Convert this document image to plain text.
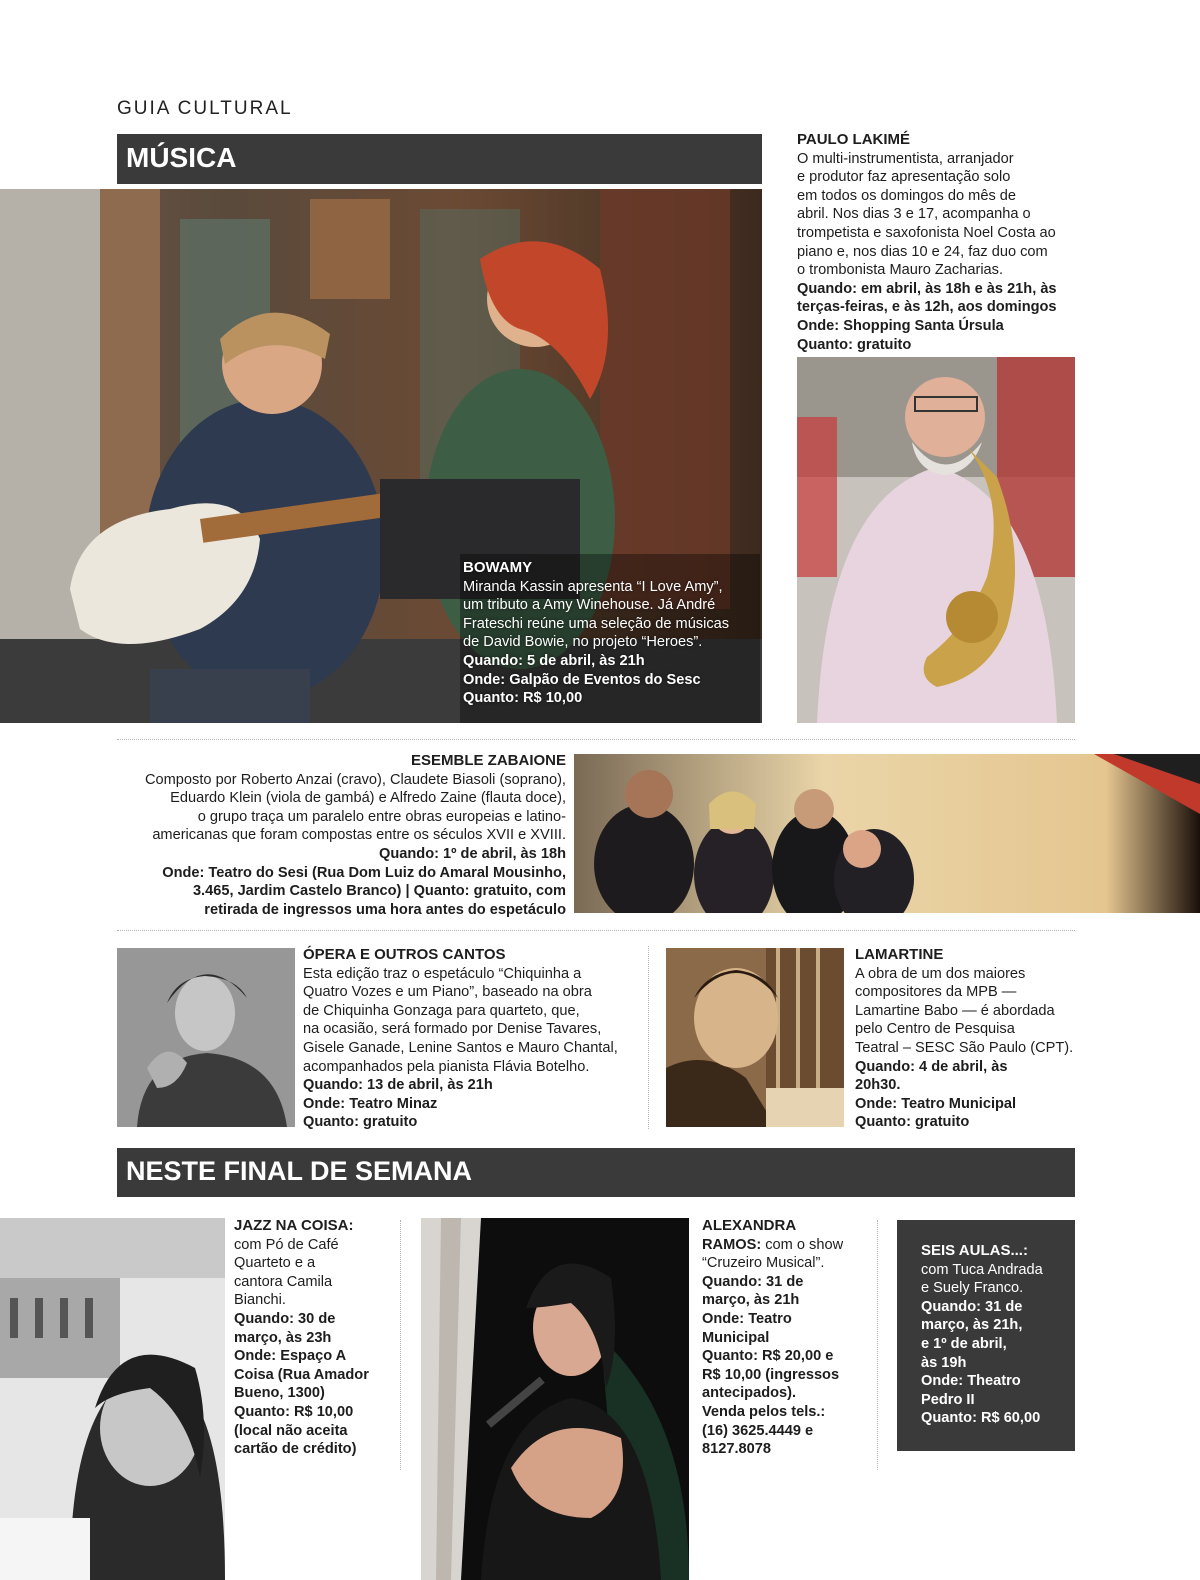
GUIA CULTURAL
MÚSICA
BOWAMY
Miranda Kassin apresenta “I Love Amy”,
um tributo a Amy Winehouse. Já André
Frateschi reúne uma seleção de músicas
de David Bowie, no projeto “Heroes”.
Quando: 5 de abril, às 21h
Onde: Galpão de Eventos do Sesc
Quanto: R$ 10,00
PAULO LAKIMÉ
O multi-instrumentista, arranjador
e produtor faz apresentação solo
em todos os domingos do mês de
abril. Nos dias 3 e 17, acompanha o
trompetista e saxofonista Noel Costa ao
piano e, nos dias 10 e 24, faz duo com
o trombonista Mauro Zacharias.
Quando: em abril, às 18h e às 21h, às
terças-feiras, e às 12h, aos domingos
Onde: Shopping Santa Úrsula
Quanto: gratuito
ESEMBLE ZABAIONE
Composto por Roberto Anzai (cravo), Claudete Biasoli (soprano),
Eduardo Klein (viola de gambá) e Alfredo Zaine (flauta doce),
o grupo traça um paralelo entre obras europeias e latino-
americanas que foram compostas entre os séculos XVII e XVIII.
Quando: 1º de abril, às 18h
Onde: Teatro do Sesi (Rua Dom Luiz do Amaral Mousinho,
3.465, Jardim Castelo Branco) | Quanto: gratuito, com
retirada de ingressos uma hora antes do espetáculo
ÓPERA E OUTROS CANTOS
Esta edição traz o espetáculo “Chiquinha a
Quatro Vozes e um Piano”, baseado na obra
de Chiquinha Gonzaga para quarteto, que,
na ocasião, será formado por Denise Tavares,
Gisele Ganade, Lenine Santos e Mauro Chantal,
acompanhados pela pianista Flávia Botelho.
Quando: 13 de abril, às 21h
Onde: Teatro Minaz
Quanto: gratuito
LAMARTINE
A obra de um dos maiores
compositores da MPB —
Lamartine Babo — é abordada
pelo Centro de Pesquisa
Teatral – SESC São Paulo (CPT).
Quando: 4 de abril, às
20h30.
Onde: Teatro Municipal
Quanto: gratuito
NESTE FINAL DE SEMANA
JAZZ NA COISA:
com Pó de Café
Quarteto e a
cantora Camila
Bianchi.
Quando: 30 de
março, às 23h
Onde: Espaço A
Coisa (Rua Amador
Bueno, 1300)
Quanto: R$ 10,00
(local não aceita
cartão de crédito)
ALEXANDRA
RAMOS: com o show
“Cruzeiro Musical”.
Quando: 31 de
março, às 21h
Onde: Teatro
Municipal
Quanto: R$ 20,00 e
R$ 10,00 (ingressos
antecipados).
Venda pelos tels.:
(16) 3625.4449 e
8127.8078
SEIS AULAS...:
com Tuca Andrada
e Suely Franco.
Quando: 31 de
março, às 21h,
e 1º de abril,
às 19h
Onde: Theatro
Pedro II
Quanto: R$ 60,00
